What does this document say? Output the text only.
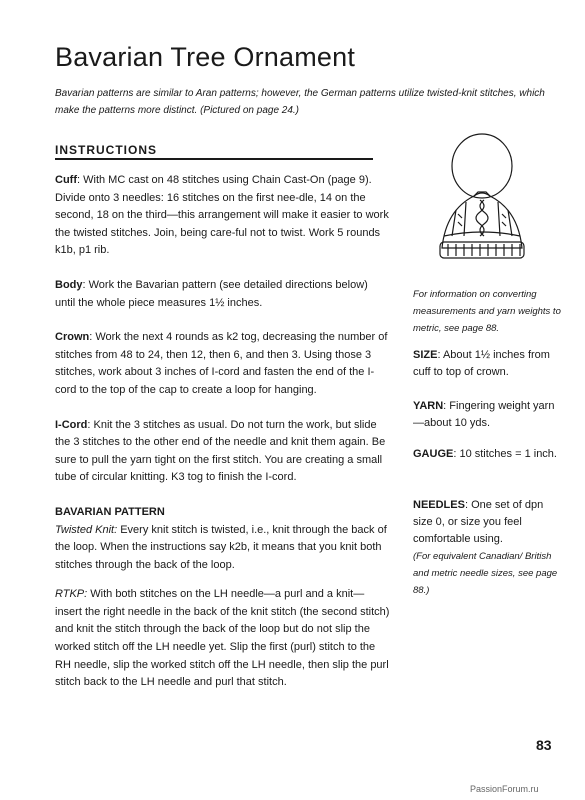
Bavarian Tree Ornament
Bavarian patterns are similar to Aran patterns; however, the German patterns utilize twisted-knit stitches, which make the patterns more distinct. (Pictured on page 24.)
INSTRUCTIONS

Cuff: With MC cast on 48 stitches using Chain Cast-On (page 9). Divide onto 3 needles: 16 stitches on the first nee-dle, 14 on the second, 18 on the third—this arrangement will make it easier to work the twisted stitches. Join, being care-ful not to twist. Work 5 rounds k1b, p1 rib.

Body: Work the Bavarian pattern (see detailed directions below) until the whole piece measures 1½ inches.

Crown: Work the next 4 rounds as k2 tog, decreasing the number of stitches from 48 to 24, then 12, then 6, and then 3. Using those 3 stitches, work about 3 inches of I-cord and fasten the end of the I-cord to the top of the cap to create a loop for hanging.

I-Cord: Knit the 3 stitches as usual. Do not turn the work, but slide the 3 stitches to the other end of the needle and knit them again. Be sure to pull the yarn tight on the first stitch. You are creating a small tube of circular knitting. K3 tog to finish the I-cord.

BAVARIAN PATTERN

Twisted Knit: Every knit stitch is twisted, i.e., knit through the back of the loop. When the instructions say k2b, it means that you knit both stitches through the back of the loop.

RTKP: With both stitches on the LH needle—a purl and a knit—insert the right needle in the back of the knit stitch (the second stitch) and knit the stitch through the back of the loop but do not slip the worked stitch off the LH needle yet. Slip the first (purl) stitch to the RH needle, slip the worked stitch off the LH needle, then slip the purl stitch back to the LH needle and purl that stitch.

For information on converting measurements and yarn weights to metric, see page 88.
SIZE: About 1½ inches from cuff to top of crown.
YARN: Fingering weight yarn—about 10 yds.
GAUGE: 10 stitches = 1 inch.

NEEDLES: One set of dpn size 0, or size you feel comfortable using.

(For equivalent Canadian/ British and metric needle sizes, see page 88.)

83
PassionForum.ru
